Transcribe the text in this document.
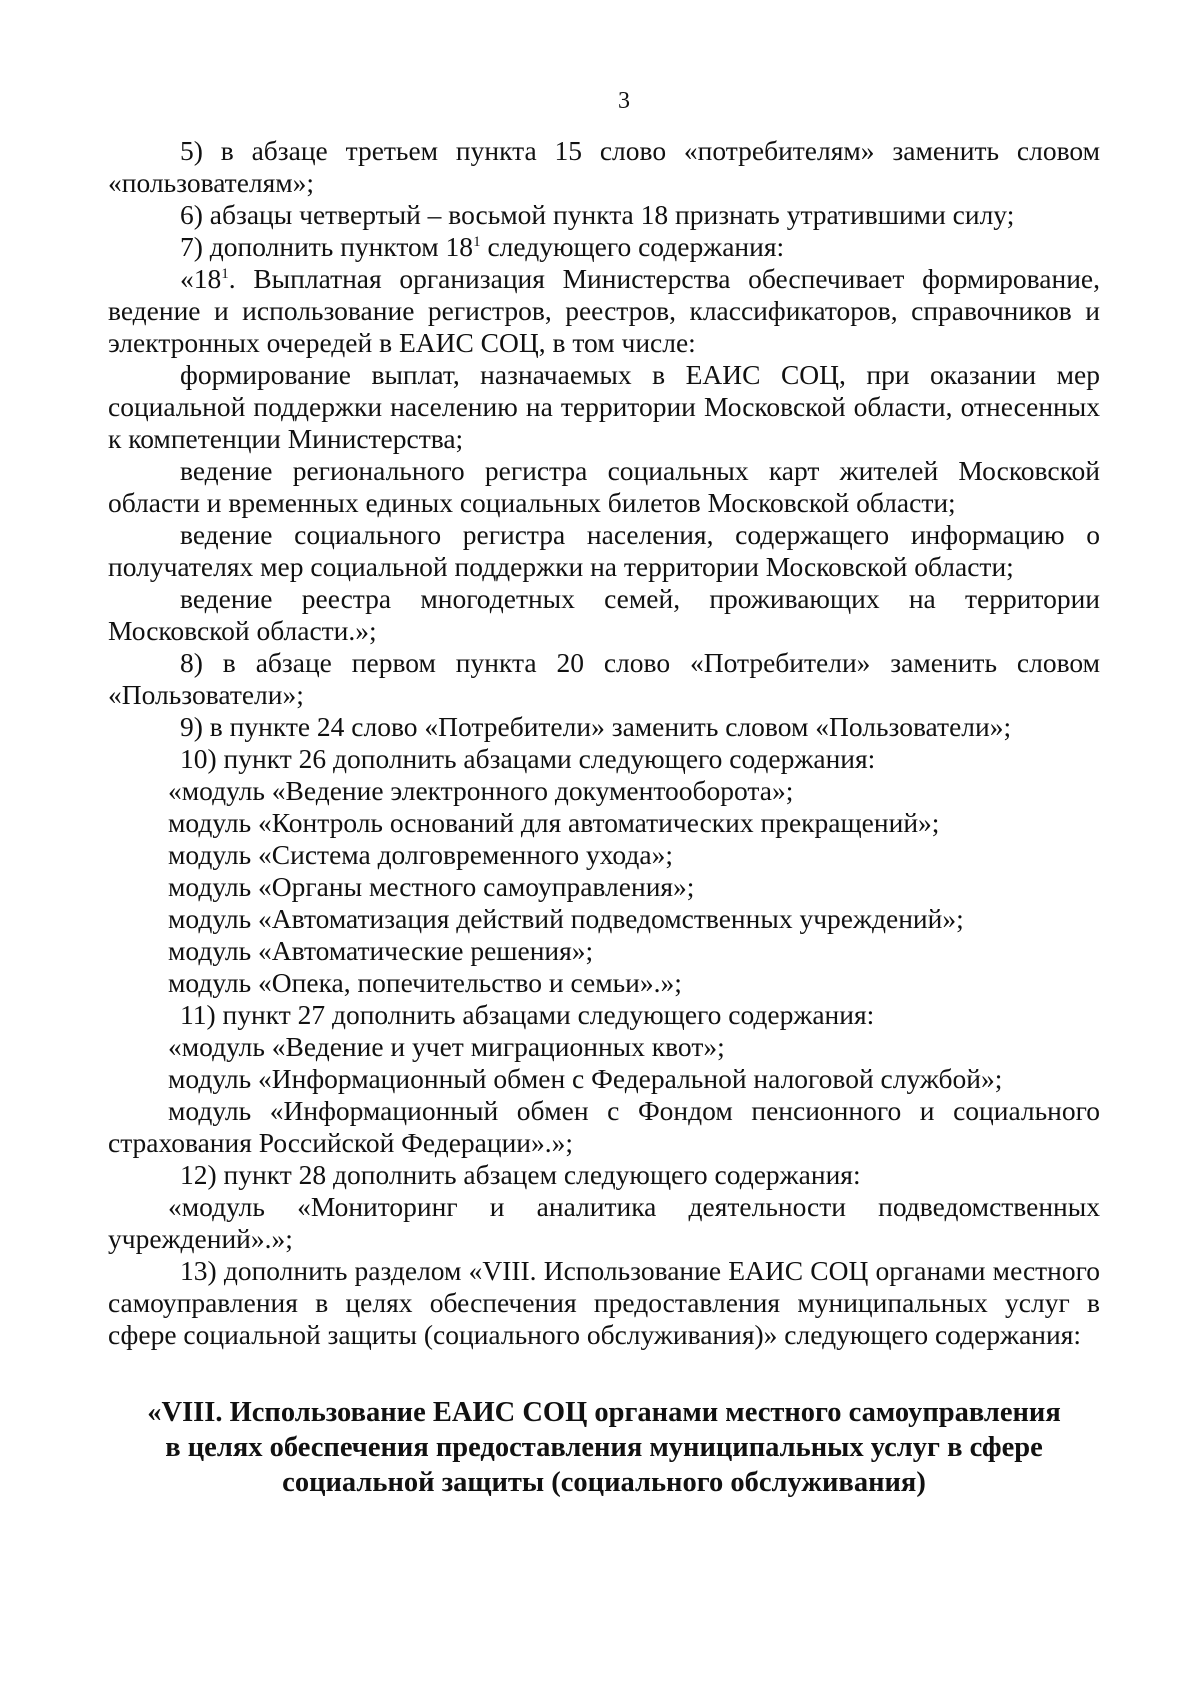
3

5) в абзаце третьем пункта 15 слово «потребителям» заменить словом «пользователям»;

6) абзацы четвертый – восьмой пункта 18 признать утратившими силу;

7) дополнить пунктом $18^1$ следующего содержания:

«$18^1$. Выплатная организация Министерства обеспечивает формирование, ведение и использование регистров, реестров, классификаторов, справочников и электронных очередей в ЕАИС СОЦ, в том числе:

формирование выплат, назначаемых в ЕАИС СОЦ, при оказании мер социальной поддержки населению на территории Московской области, отнесенных к компетенции Министерства;

ведение регионального регистра социальных карт жителей Московской области и временных единых социальных билетов Московской области;

ведение социального регистра населения, содержащего информацию о получателях мер социальной поддержки на территории Московской области;

ведение реестра многодетных семей, проживающих на территории Московской области.»;

8) в абзаце первом пункта 20 слово «Потребители» заменить словом «Пользователи»;

9) в пункте 24 слово «Потребители» заменить словом «Пользователи»;

10) пункт 26 дополнить абзацами следующего содержания:

«модуль «Ведение электронного документооборота»;

модуль «Контроль оснований для автоматических прекращений»;

модуль «Система долговременного ухода»;

модуль «Органы местного самоуправления»;

модуль «Автоматизация действий подведомственных учреждений»;

модуль «Автоматические решения»;

модуль «Опека, попечительство и семьи».»;

11) пункт 27 дополнить абзацами следующего содержания:

«модуль «Ведение и учет миграционных квот»;

модуль «Информационный обмен с Федеральной налоговой службой»;

модуль «Информационный обмен с Фондом пенсионного и социального страхования Российской Федерации».»;

12) пункт 28 дополнить абзацем следующего содержания:

«модуль «Мониторинг и аналитика деятельности подведомственных учреждений».»;

13) дополнить разделом «VIII. Использование ЕАИС СОЦ органами местного самоуправления в целях обеспечения предоставления муниципальных услуг в сфере социальной защиты (социального обслуживания)» следующего содержания:

«VIII. Использование ЕАИС СОЦ органами местного самоуправления
в целях обеспечения предоставления муниципальных услуг в сфере
социальной защиты (социального обслуживания)
